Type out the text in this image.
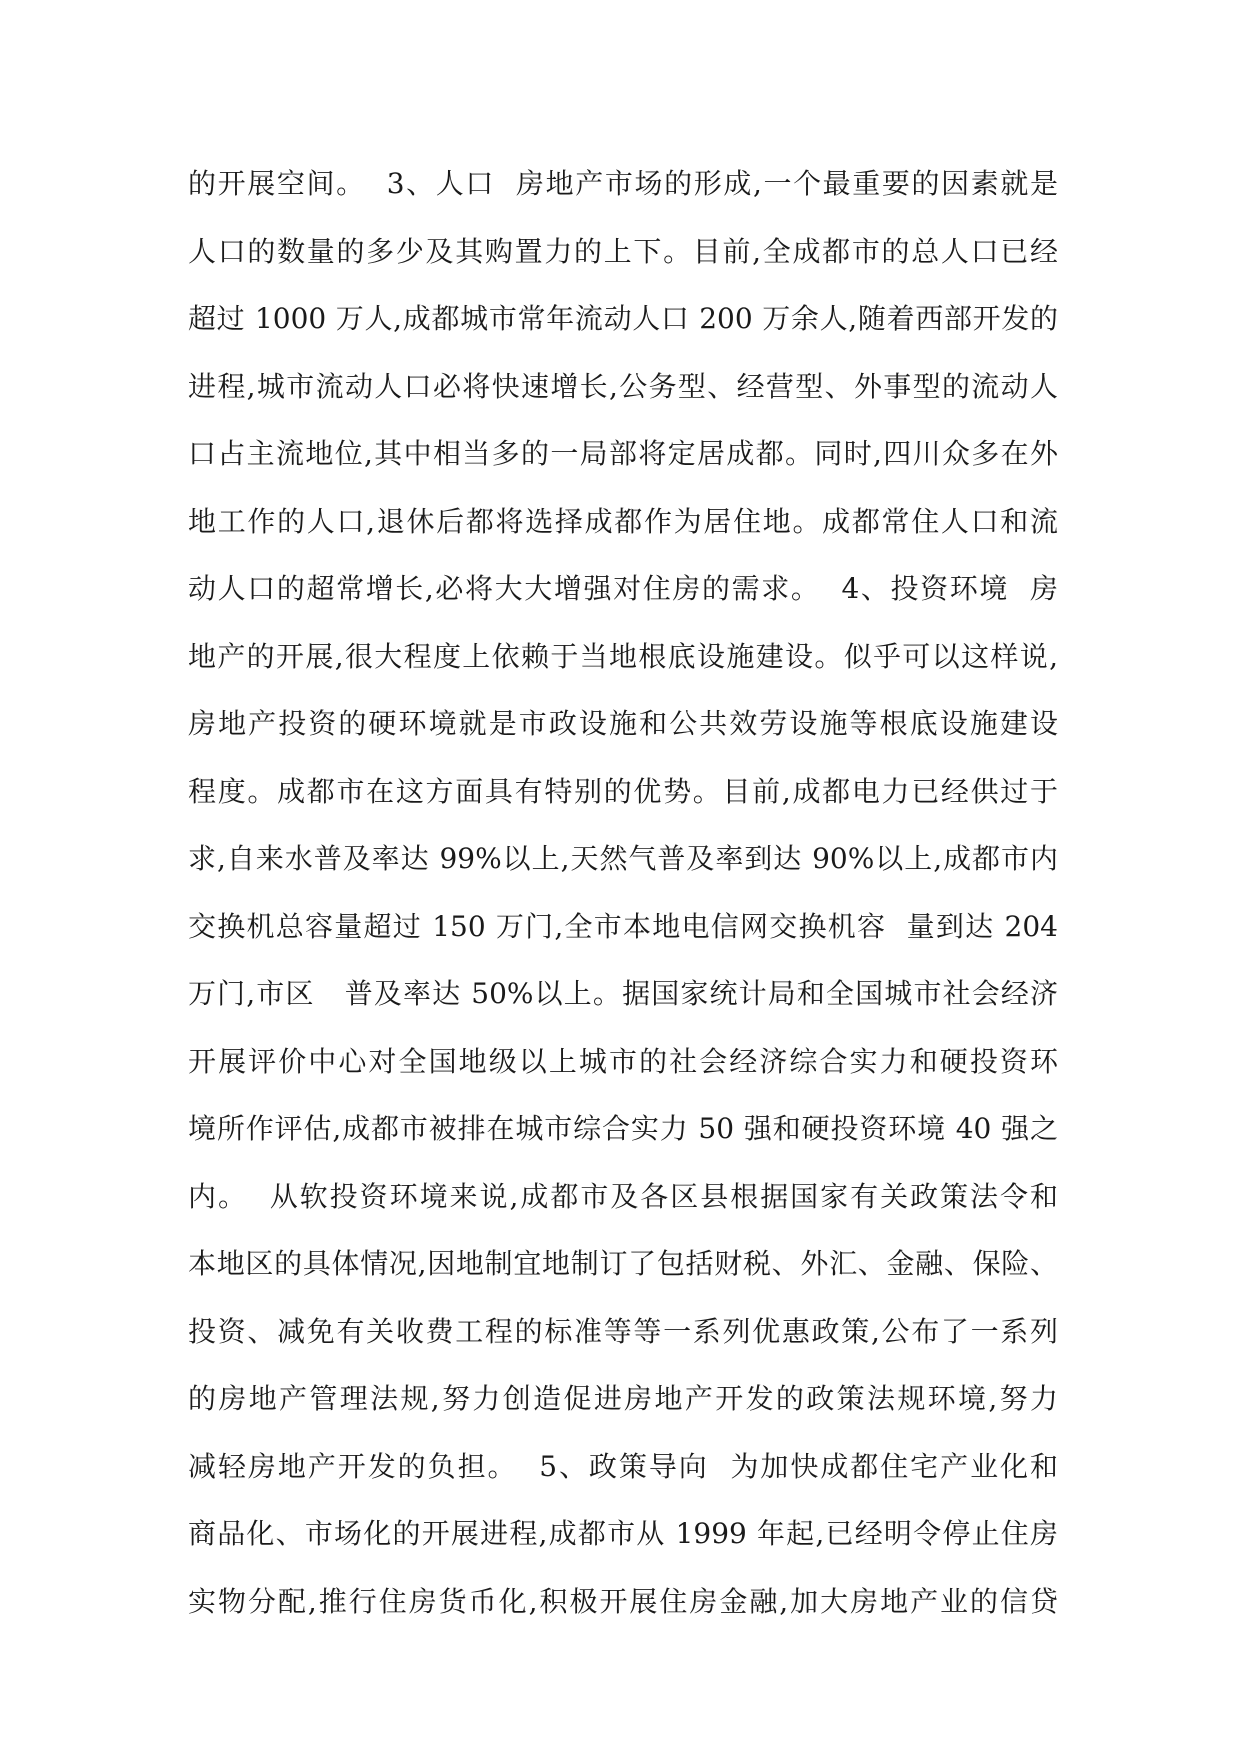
的开展空间。  3、人口  房地产市场的形成,一个最重要的因素就是
人口的数量的多少及其购置力的上下。目前,全成都市的总人口已经
超过 1000 万人,成都城市常年流动人口 200 万余人,随着西部开发的
进程,城市流动人口必将快速增长,公务型、经营型、外事型的流动人
口占主流地位,其中相当多的一局部将定居成都。同时,四川众多在外
地工作的人口,退休后都将选择成都作为居住地。成都常住人口和流
动人口的超常增长,必将大大增强对住房的需求。  4、投资环境  房
地产的开展,很大程度上依赖于当地根底设施建设。似乎可以这样说,
房地产投资的硬环境就是市政设施和公共效劳设施等根底设施建设
程度。成都市在这方面具有特别的优势。目前,成都电力已经供过于
求,自来水普及率达 99%以上,天然气普及率到达 90%以上,成都市内
交换机总容量超过 150 万门,全市本地电信网交换机容  量到达 204
万门,市区   普及率达 50%以上。据国家统计局和全国城市社会经济
开展评价中心对全国地级以上城市的社会经济综合实力和硬投资环
境所作评估,成都市被排在城市综合实力 50 强和硬投资环境 40 强之
内。  从软投资环境来说,成都市及各区县根据国家有关政策法令和
本地区的具体情况,因地制宜地制订了包括财税、外汇、金融、保险、
投资、减免有关收费工程的标准等等一系列优惠政策,公布了一系列
的房地产管理法规,努力创造促进房地产开发的政策法规环境,努力
减轻房地产开发的负担。  5、政策导向  为加快成都住宅产业化和
商品化、市场化的开展进程,成都市从 1999 年起,已经明令停止住房
实物分配,推行住房货币化,积极开展住房金融,加大房地产业的信贷
